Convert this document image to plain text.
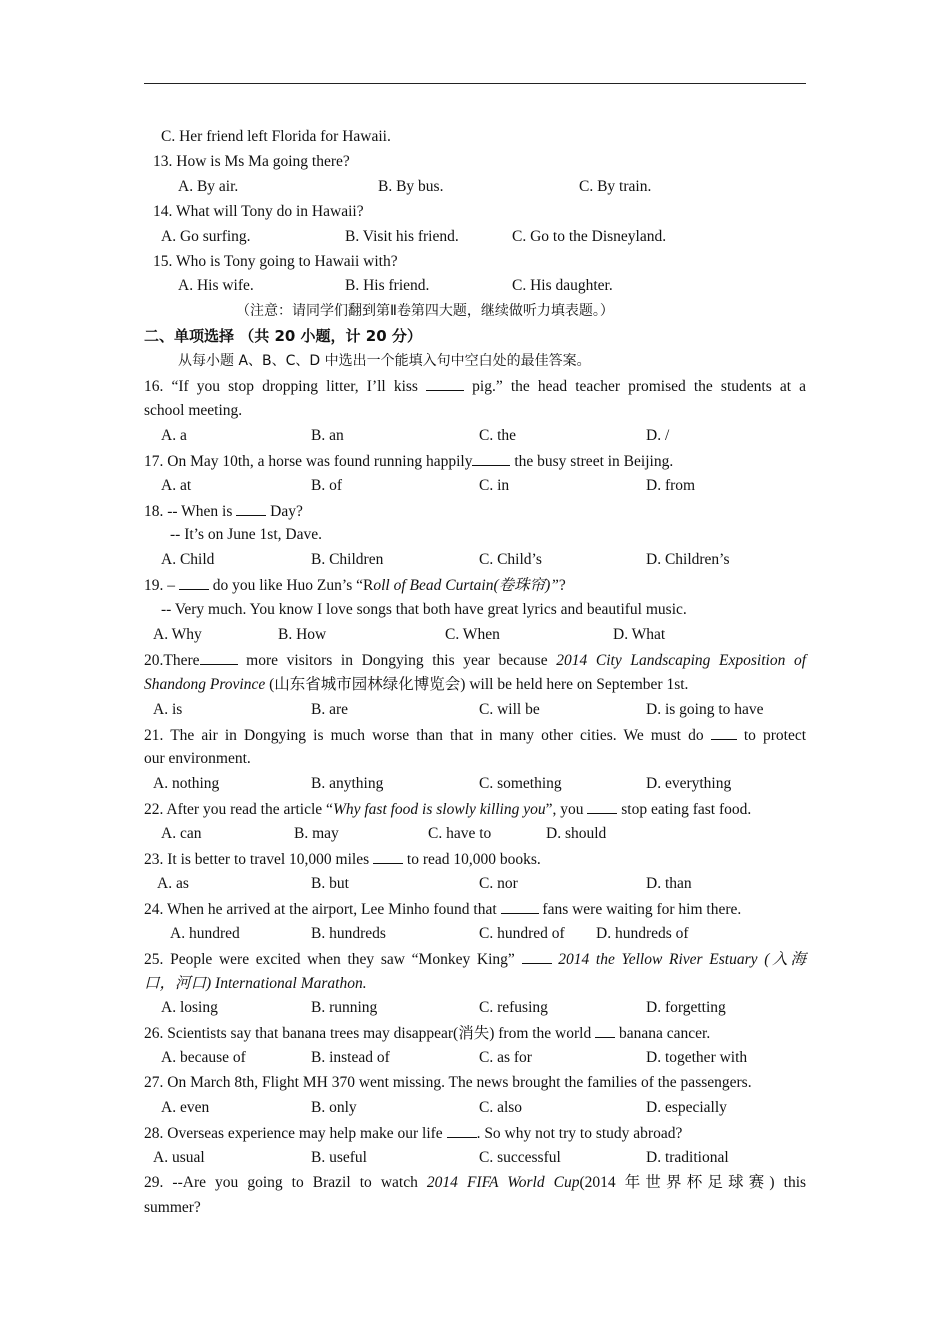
C. Her friend left Florida for Hawaii.
13. How is Ms Ma going there?
A. By air.	B. By bus.	C. By train.
14. What will Tony do in Hawaii?
A. Go surfing.	B. Visit his friend.	C. Go to the Disneyland.
15. Who is Tony going to Hawaii with?
A. His wife.	B. His friend.	C. His daughter.
（注意：请同学们翻到第Ⅱ卷第四大题，继续做听力填表题。）
二、单项选择 （共 20 小题，计 20 分）
从每小题 A、B、C、D 中选出一个能填入句中空白处的最佳答案。
16. “If you stop dropping litter, I’ll kiss	pig.” the head teacher promised the students at a
school meeting.
A. a	B. an	C. the	D. /
17. On May 10th, a horse was found running happily	the busy street in Beijing.
A. at	B. of	C. in	D. from
18. -- When is Day?
-- It’s on June 1st, Dave.
A. Child	B. Children	C. Child’s	D. Children’s
19. – do you like Huo Zun’s “Roll of Bead Curtain(卷珠帘)”?
-- Very much. You know I love songs that both have great lyrics and beautiful music.
A. Why	B. How	C. When	D. What
20.There	more visitors in Dongying this year because 2014 City Landscaping Exposition of
Shandong Province (山东省城市园林绿化博览会) will be held here on September 1st.
A. is	B. are	C. will be	D. is going to have
21. The air in Dongying is much worse than that in many other cities. We must do	to protect
our environment.
A. nothing	B. anything	C. something	D. everything
22. After you read the article “Why fast food is slowly killing you”, you stop eating fast food.
A. can	B. may	C. have to	D. should
23. It is better to travel 10,000 miles to read 10,000 books.
A. as	B. but	C. nor	D. than
24. When he arrived at the airport, Lee Minho found that	fans were waiting for him there.
A. hundred	B. hundreds	C. hundred of D. hundreds of
25. People were excited when they saw “Monkey King”	2014 the Yellow River Estuary (入海
口，河口) International Marathon.
A. losing	B. running	C. refusing	D. forgetting
26. Scientists say that banana trees may disappear(消失) from the world banana cancer.
A. because of	B. instead of	C. as for	D. together with
27. On March 8th, Flight MH 370 went missing. The news brought the families of the passengers.
A. even	B. only	C. also	D. especially
28. Overseas experience may help make our life . So why not try to study abroad?
A. usual	B. useful	C. successful	D. traditional
29. --Are you going to Brazil to watch 2014 FIFA World Cup(2014 年世界杯足球赛) this
summer?
